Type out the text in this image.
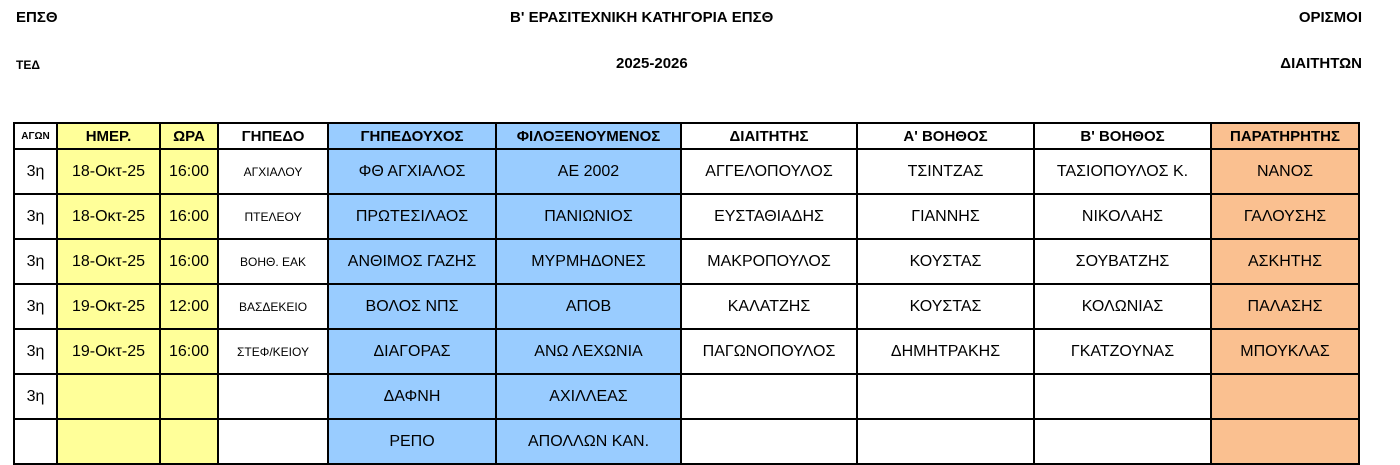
ΕΠΣΘ	Β' ΕΡΑΣΙΤΕΧΝΙΚΗ ΚΑΤΗΓΟΡΙΑ ΕΠΣΘ	ΟΡΙΣΜΟΙ
ΤΕΔ	2025-2026	ΔΙΑΙΤΗΤΩΝ
ΑΓΩΝ	ΗΜΕΡ.	ΩΡΑ	ΓΗΠΕΔΟ	ΓΗΠΕΔΟΥΧΟΣ	ΦΙΛΟΞΕΝΟΥΜΕΝΟΣ	ΔΙΑΙΤΗΤΗΣ	Α' ΒΟΗΘΟΣ	Β' ΒΟΗΘΟΣ	ΠΑΡΑΤΗΡΗΤΗΣ
3η	18-Οκτ-25	16:00	ΑΓΧΙΑΛΟΥ	ΦΘ ΑΓΧΙΑΛΟΣ	ΑΕ 2002	ΑΓΓΕΛΟΠΟΥΛΟΣ	ΤΣΙΝΤΖΑΣ	ΤΑΣΙΟΠΟΥΛΟΣ Κ.	ΝΑΝΟΣ
3η	18-Οκτ-25	16:00	ΠΤΕΛΕΟΥ	ΠΡΩΤΕΣΙΛΑΟΣ	ΠΑΝΙΩΝΙΟΣ	ΕΥΣΤΑΘΙΑΔΗΣ	ΓΙΑΝΝΗΣ	ΝΙΚΟΛΑΗΣ	ΓΑΛΟΥΣΗΣ
3η	18-Οκτ-25	16:00	ΒΟΗΘ. ΕΑΚ	ΑΝΘΙΜΟΣ ΓΑΖΗΣ	ΜΥΡΜΗΔΟΝΕΣ	ΜΑΚΡΟΠΟΥΛΟΣ	ΚΟΥΣΤΑΣ	ΣΟΥΒΑΤΖΗΣ	ΑΣΚΗΤΗΣ
3η	19-Οκτ-25	12:00	ΒΑΣΔΕΚΕΙΟ	ΒΟΛΟΣ ΝΠΣ	ΑΠΟΒ	ΚΑΛΑΤΖΗΣ	ΚΟΥΣΤΑΣ	ΚΟΛΩΝΙΑΣ	ΠΑΛΑΣΗΣ
3η	19-Οκτ-25	16:00	ΣΤΕΦ/ΚΕΙΟΥ	ΔΙΑΓΟΡΑΣ	ΑΝΩ ΛΕΧΩΝΙΑ	ΠΑΓΩΝΟΠΟΥΛΟΣ	ΔΗΜΗΤΡΑΚΗΣ	ΓΚΑΤΖΟΥΝΑΣ	ΜΠΟΥΚΛΑΣ
3η				ΔΑΦΝΗ	ΑΧΙΛΛΕΑΣ				
				ΡΕΠΟ	ΑΠΟΛΛΩΝ ΚΑΝ.				
